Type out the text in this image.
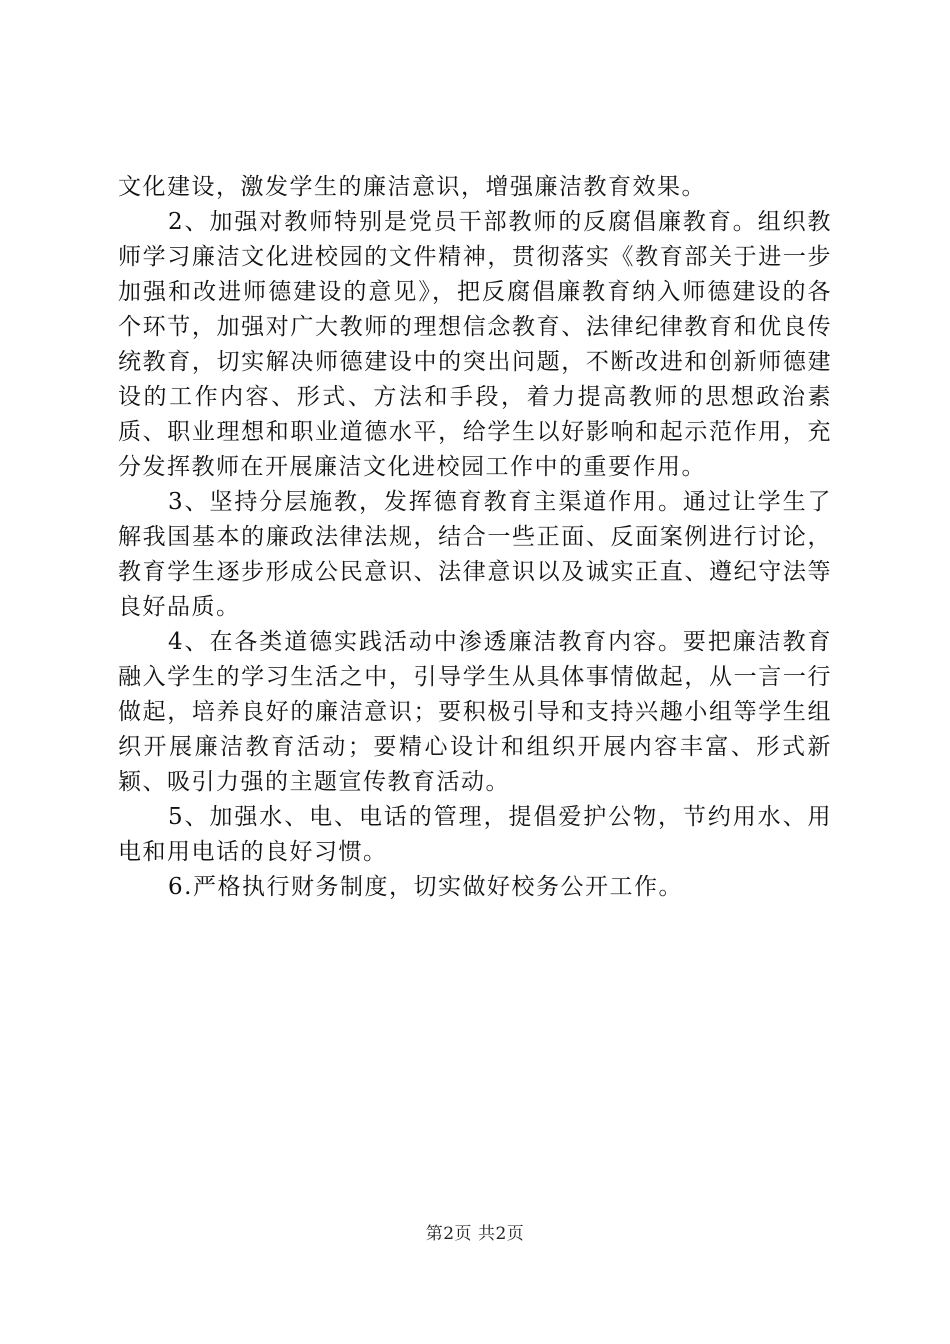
文化建设，激发学生的廉洁意识，增强廉洁教育效果。

2、加强对教师特别是党员干部教师的反腐倡廉教育。组织教师学习廉洁文化进校园的文件精神，贯彻落实《教育部关于进一步加强和改进师德建设的意见》，把反腐倡廉教育纳入师德建设的各个环节，加强对广大教师的理想信念教育、法律纪律教育和优良传统教育，切实解决师德建设中的突出问题，不断改进和创新师德建设的工作内容、形式、方法和手段，着力提高教师的思想政治素质、职业理想和职业道德水平，给学生以好影响和起示范作用，充分发挥教师在开展廉洁文化进校园工作中的重要作用。

3、坚持分层施教，发挥德育教育主渠道作用。通过让学生了解我国基本的廉政法律法规，结合一些正面、反面案例进行讨论，教育学生逐步形成公民意识、法律意识以及诚实正直、遵纪守法等良好品质。

4、在各类道德实践活动中渗透廉洁教育内容。要把廉洁教育融入学生的学习生活之中，引导学生从具体事情做起，从一言一行做起，培养良好的廉洁意识；要积极引导和支持兴趣小组等学生组织开展廉洁教育活动；要精心设计和组织开展内容丰富、形式新颖、吸引力强的主题宣传教育活动。

5、加强水、电、电话的管理，提倡爱护公物，节约用水、用电和用电话的良好习惯。

6.严格执行财务制度，切实做好校务公开工作。

第2页 共2页
